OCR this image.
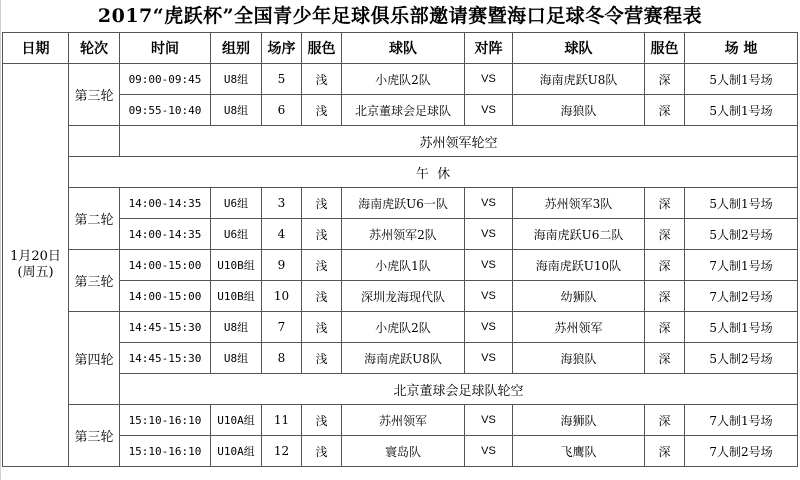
2017“虎跃杯”全国青少年足球俱乐部邀请赛暨海口足球冬令营赛程表
日期	轮次	时间	组别	场序	服色	球队	对阵	球队	服色	场 地
1月20日
(周五)	第三轮	09:00-09:45	U8组	5	浅	小虎队2队	VS	海南虎跃U8队	深	5人制1号场
		09:55-10:40	U8组	6	浅	北京董球会足球队	VS	海狼队	深	5人制1号场
		苏州领军轮空								
	午  休									
	第二轮	14:00-14:35	U6组	3	浅	海南虎跃U6一队	VS	苏州领军3队	深	5人制1号场
		14:00-14:35	U6组	4	浅	苏州领军2队	VS	海南虎跃U6二队	深	5人制2号场
	第三轮	14:00-15:00	U10B组	9	浅	小虎队1队	VS	海南虎跃U10队	深	7人制1号场
		14:00-15:00	U10B组	10	浅	深圳龙海现代队	VS	幼狮队	深	7人制2号场
	第四轮	14:45-15:30	U8组	7	浅	小虎队2队	VS	苏州领军	深	5人制1号场
		14:45-15:30	U8组	8	浅	海南虎跃U8队	VS	海狼队	深	5人制2号场
		北京董球会足球队轮空								
	第三轮	15:10-16:10	U10A组	11	浅	苏州领军	VS	海狮队	深	7人制1号场
		15:10-16:10	U10A组	12	浅	寰岛队	VS	飞鹰队	深	7人制2号场
